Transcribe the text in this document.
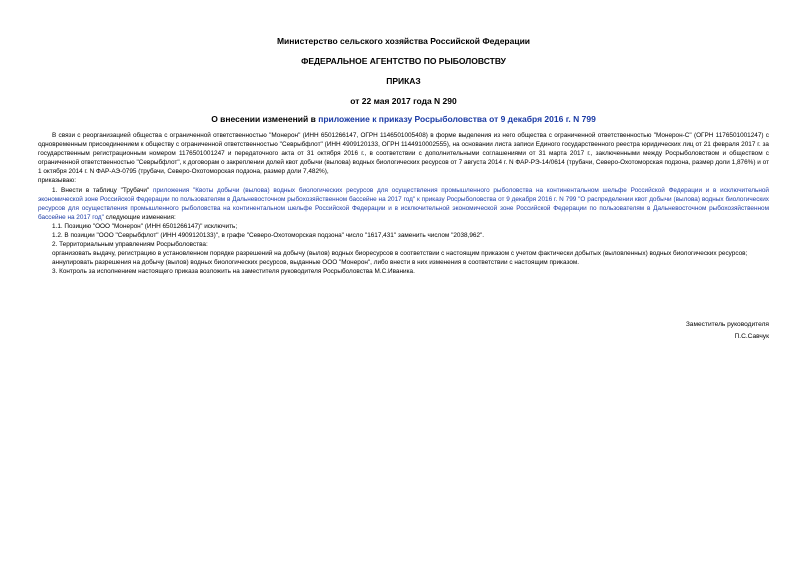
Министерство сельского хозяйства Российской Федерации
ФЕДЕРАЛЬНОЕ АГЕНТСТВО ПО РЫБОЛОВСТВУ
ПРИКАЗ
от 22 мая 2017 года N 290
О внесении изменений в приложение к приказу Росрыболовства от 9 декабря 2016 г. N 799

В связи с реорганизацией общества с ограниченной ответственностью "Монерон" (ИНН 6501266147, ОГРН 1146501005408) в форме выделения из него общества с ограниченной ответственностью "Монерон-С" (ОГРН 1176501001247) с одновременным присоединением к обществу с ограниченной ответственностью "Севрыбфлот" (ИНН 4909120133, ОГРН 1144910002555), на основании листа записи Единого государственного реестра юридических лиц от 21 февраля 2017 г. за государственным регистрационным номером 1176501001247 и передаточного акта от 31 октября 2016 г., в соответствии с дополнительными соглашениями от 31 марта 2017 г., заключенными между Росрыболовством и обществом с ограниченной ответственностью "Севрыбфлот", к договорам о закреплении долей квот добычи (вылова) водных биологических ресурсов от 7 августа 2014 г. N ФАР-РЭ-14/0614 (трубачи, Северо-Охотоморская подзона, размер доли 1,876%) и от 1 октября 2014 г. N ФАР-АЭ-0795 (трубачи, Северо-Охотоморская подзона, размер доли 7,482%),

приказываю:

1. Внести в таблицу "Трубачи" приложения "Квоты добычи (вылова) водных биологических ресурсов для осуществления промышленного рыболовства на континентальном шельфе Российской Федерации и в исключительной экономической зоне Российской Федерации по пользователям в Дальневосточном рыбохозяйственном бассейне на 2017 год" к приказу Росрыболовства от 9 декабря 2016 г. N 799 "О распределении квот добычи (вылова) водных биологических ресурсов для осуществления промышленного рыболовства на континентальном шельфе Российской Федерации и в исключительной экономической зоне Российской Федерации по пользователям в Дальневосточном рыбохозяйственном бассейне на 2017 год" следующие изменения:

1.1. Позицию "ООО "Монерон" (ИНН 6501266147)" исключить;

1.2. В позиции "ООО "Севрыбфлот" (ИНН 4909120133)", в графе "Северо-Охотоморская подзона" число "1617,431" заменить числом "2038,962".

2. Территориальным управлениям Росрыболовства:

организовать выдачу, регистрацию в установленном порядке разрешений на добычу (вылов) водных биоресурсов в соответствии с настоящим приказом с учетом фактически добытых (выловленных) водных биологических ресурсов;

аннулировать разрешения на добычу (вылов) водных биологических ресурсов, выданные ООО "Монерон", либо внести в них изменения в соответствии с настоящим приказом.

3. Контроль за исполнением настоящего приказа возложить на заместителя руководителя Росрыболовства М.С.Иваника.

Заместитель руководителя
П.С.Савчук
